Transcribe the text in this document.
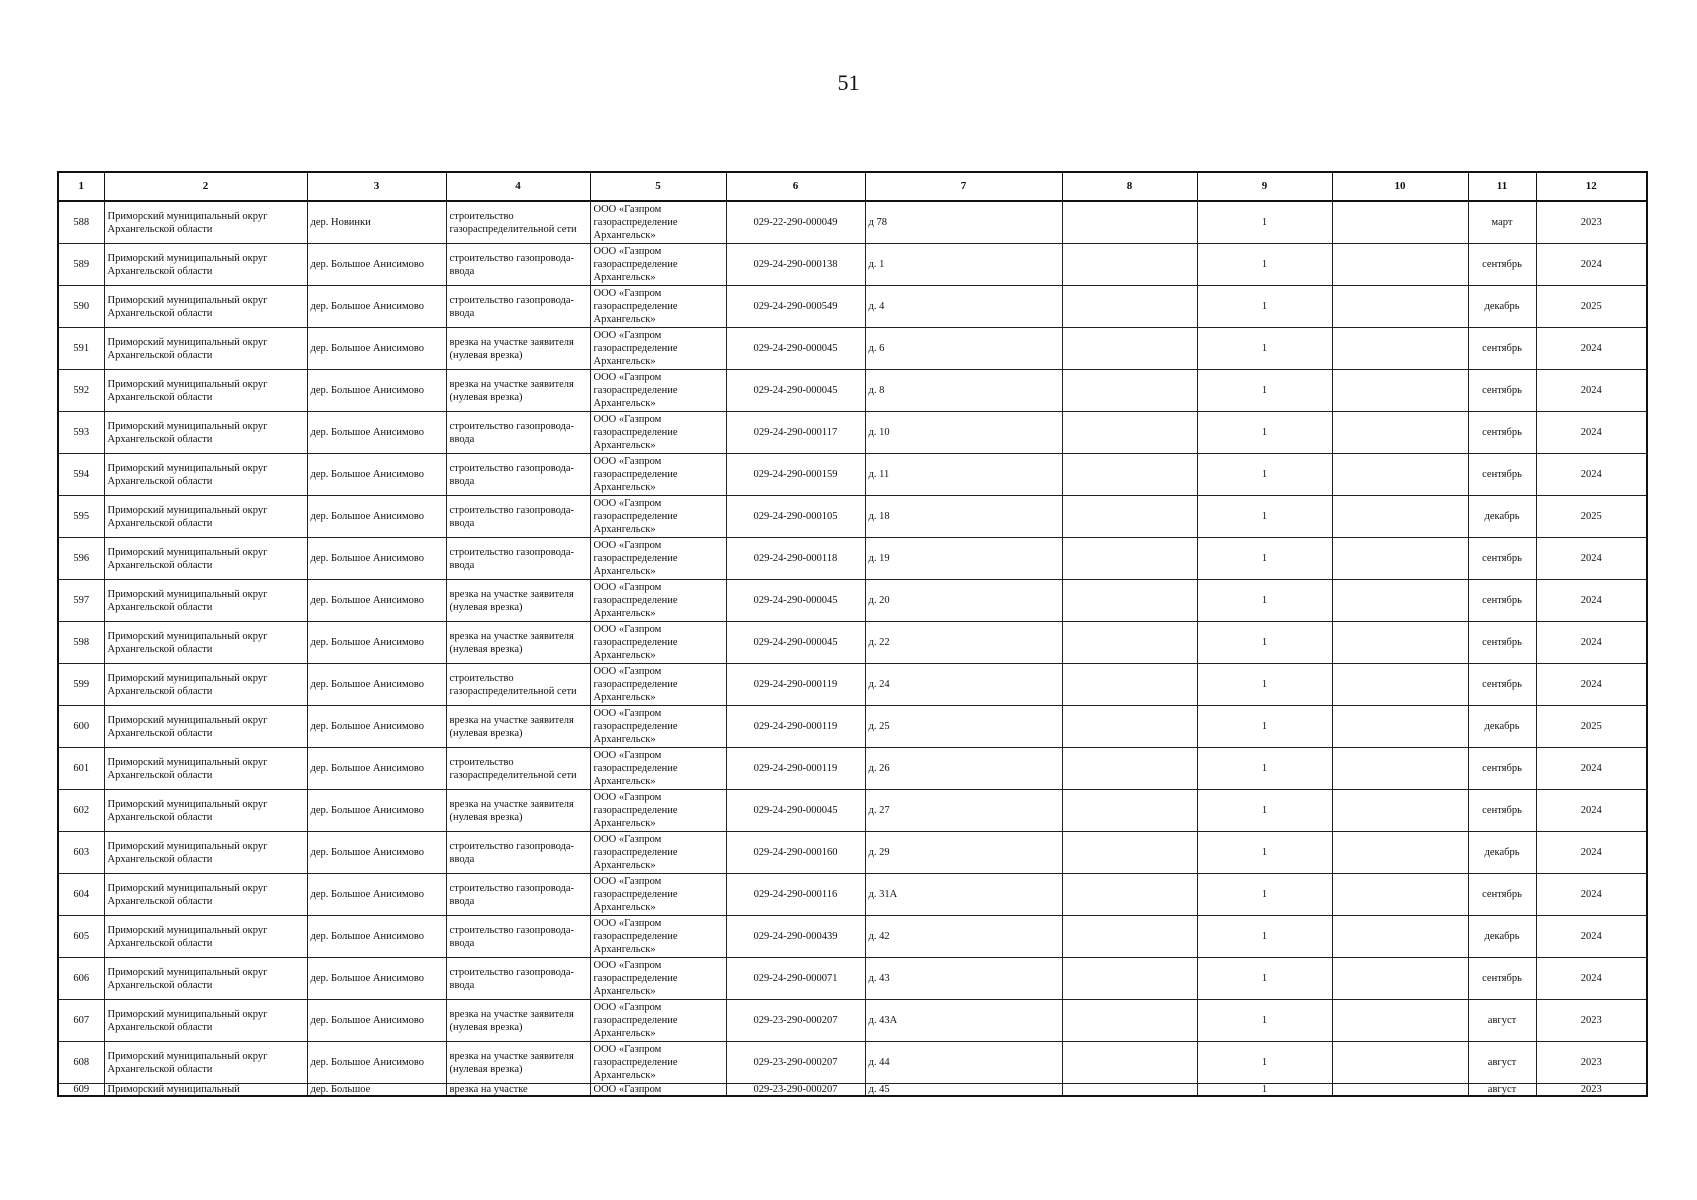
51
1	2	3	4	5	6	7	8	9	10	11	12
588	Приморский муниципальный округ Архангельской области	дер. Новинки	строительство газораспределительной сети	ООО «Газпром газораспределение Архангельск»	029-22-290-000049	д 78		1		март	2023
589	Приморский муниципальный округ Архангельской области	дер. Большое Анисимово	строительство газопровода-ввода	ООО «Газпром газораспределение Архангельск»	029-24-290-000138	д. 1		1		сентябрь	2024
590	Приморский муниципальный округ Архангельской области	дер. Большое Анисимово	строительство газопровода-ввода	ООО «Газпром газораспределение Архангельск»	029-24-290-000549	д. 4		1		декабрь	2025
591	Приморский муниципальный округ Архангельской области	дер. Большое Анисимово	врезка на участке заявителя (нулевая врезка)	ООО «Газпром газораспределение Архангельск»	029-24-290-000045	д. 6		1		сентябрь	2024
592	Приморский муниципальный округ Архангельской области	дер. Большое Анисимово	врезка на участке заявителя (нулевая врезка)	ООО «Газпром газораспределение Архангельск»	029-24-290-000045	д. 8		1		сентябрь	2024
593	Приморский муниципальный округ Архангельской области	дер. Большое Анисимово	строительство газопровода-ввода	ООО «Газпром газораспределение Архангельск»	029-24-290-000117	д. 10		1		сентябрь	2024
594	Приморский муниципальный округ Архангельской области	дер. Большое Анисимово	строительство газопровода-ввода	ООО «Газпром газораспределение Архангельск»	029-24-290-000159	д. 11		1		сентябрь	2024
595	Приморский муниципальный округ Архангельской области	дер. Большое Анисимово	строительство газопровода-ввода	ООО «Газпром газораспределение Архангельск»	029-24-290-000105	д. 18		1		декабрь	2025
596	Приморский муниципальный округ Архангельской области	дер. Большое Анисимово	строительство газопровода-ввода	ООО «Газпром газораспределение Архангельск»	029-24-290-000118	д. 19		1		сентябрь	2024
597	Приморский муниципальный округ Архангельской области	дер. Большое Анисимово	врезка на участке заявителя (нулевая врезка)	ООО «Газпром газораспределение Архангельск»	029-24-290-000045	д. 20		1		сентябрь	2024
598	Приморский муниципальный округ Архангельской области	дер. Большое Анисимово	врезка на участке заявителя (нулевая врезка)	ООО «Газпром газораспределение Архангельск»	029-24-290-000045	д. 22		1		сентябрь	2024
599	Приморский муниципальный округ Архангельской области	дер. Большое Анисимово	строительство газораспределительной сети	ООО «Газпром газораспределение Архангельск»	029-24-290-000119	д. 24		1		сентябрь	2024
600	Приморский муниципальный округ Архангельской области	дер. Большое Анисимово	врезка на участке заявителя (нулевая врезка)	ООО «Газпром газораспределение Архангельск»	029-24-290-000119	д. 25		1		декабрь	2025
601	Приморский муниципальный округ Архангельской области	дер. Большое Анисимово	строительство газораспределительной сети	ООО «Газпром газораспределение Архангельск»	029-24-290-000119	д. 26		1		сентябрь	2024
602	Приморский муниципальный округ Архангельской области	дер. Большое Анисимово	врезка на участке заявителя (нулевая врезка)	ООО «Газпром газораспределение Архангельск»	029-24-290-000045	д. 27		1		сентябрь	2024
603	Приморский муниципальный округ Архангельской области	дер. Большое Анисимово	строительство газопровода-ввода	ООО «Газпром газораспределение Архангельск»	029-24-290-000160	д. 29		1		декабрь	2024
604	Приморский муниципальный округ Архангельской области	дер. Большое Анисимово	строительство газопровода-ввода	ООО «Газпром газораспределение Архангельск»	029-24-290-000116	д. 31А		1		сентябрь	2024
605	Приморский муниципальный округ Архангельской области	дер. Большое Анисимово	строительство газопровода-ввода	ООО «Газпром газораспределение Архангельск»	029-24-290-000439	д. 42		1		декабрь	2024
606	Приморский муниципальный округ Архангельской области	дер. Большое Анисимово	строительство газопровода-ввода	ООО «Газпром газораспределение Архангельск»	029-24-290-000071	д. 43		1		сентябрь	2024
607	Приморский муниципальный округ Архангельской области	дер. Большое Анисимово	врезка на участке заявителя (нулевая врезка)	ООО «Газпром газораспределение Архангельск»	029-23-290-000207	д. 43А		1		август	2023
608	Приморский муниципальный округ Архангельской области	дер. Большое Анисимово	врезка на участке заявителя (нулевая врезка)	ООО «Газпром газораспределение Архангельск»	029-23-290-000207	д. 44		1		август	2023
609	Приморский муниципальный	дер. Большое	врезка на участке	ООО «Газпром	029-23-290-000207	д. 45		1		август	2023
